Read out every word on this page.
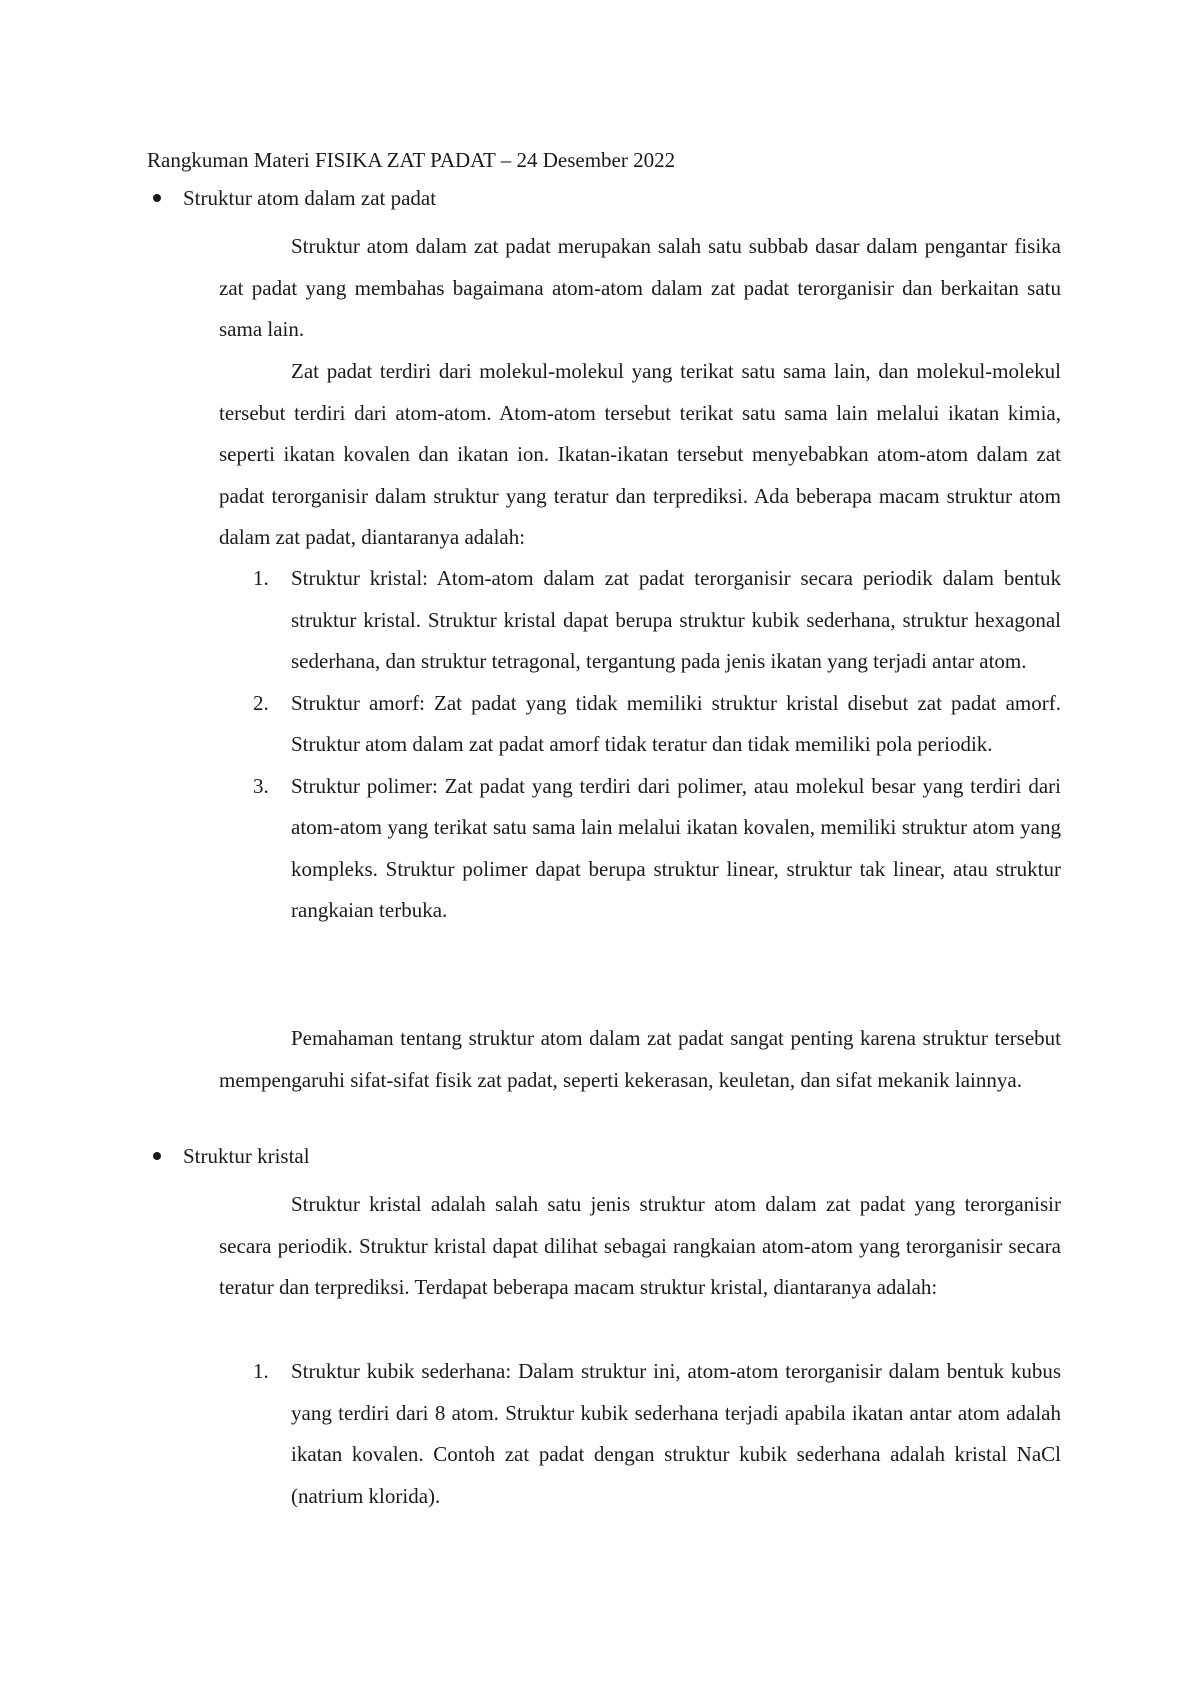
Rangkuman Materi FISIKA ZAT PADAT – 24 Desember 2022
Struktur atom dalam zat padat

Struktur atom dalam zat padat merupakan salah satu subbab dasar dalam pengantar fisika zat padat yang membahas bagaimana atom-atom dalam zat padat terorganisir dan berkaitan satu sama lain.

Zat padat terdiri dari molekul-molekul yang terikat satu sama lain, dan molekul-molekul tersebut terdiri dari atom-atom. Atom-atom tersebut terikat satu sama lain melalui ikatan kimia, seperti ikatan kovalen dan ikatan ion. Ikatan-ikatan tersebut menyebabkan atom-atom dalam zat padat terorganisir dalam struktur yang teratur dan terprediksi. Ada beberapa macam struktur atom dalam zat padat, diantaranya adalah:

1. Struktur kristal: Atom-atom dalam zat padat terorganisir secara periodik dalam bentuk struktur kristal. Struktur kristal dapat berupa struktur kubik sederhana, struktur hexagonal sederhana, dan struktur tetragonal, tergantung pada jenis ikatan yang terjadi antar atom.
2. Struktur amorf: Zat padat yang tidak memiliki struktur kristal disebut zat padat amorf. Struktur atom dalam zat padat amorf tidak teratur dan tidak memiliki pola periodik.
3. Struktur polimer: Zat padat yang terdiri dari polimer, atau molekul besar yang terdiri dari atom-atom yang terikat satu sama lain melalui ikatan kovalen, memiliki struktur atom yang kompleks. Struktur polimer dapat berupa struktur linear, struktur tak linear, atau struktur rangkaian terbuka.

Pemahaman tentang struktur atom dalam zat padat sangat penting karena struktur tersebut mempengaruhi sifat-sifat fisik zat padat, seperti kekerasan, keuletan, dan sifat mekanik lainnya.

Struktur kristal

Struktur kristal adalah salah satu jenis struktur atom dalam zat padat yang terorganisir secara periodik. Struktur kristal dapat dilihat sebagai rangkaian atom-atom yang terorganisir secara teratur dan terprediksi. Terdapat beberapa macam struktur kristal, diantaranya adalah:

1. Struktur kubik sederhana: Dalam struktur ini, atom-atom terorganisir dalam bentuk kubus yang terdiri dari 8 atom. Struktur kubik sederhana terjadi apabila ikatan antar atom adalah ikatan kovalen. Contoh zat padat dengan struktur kubik sederhana adalah kristal NaCl (natrium klorida).
